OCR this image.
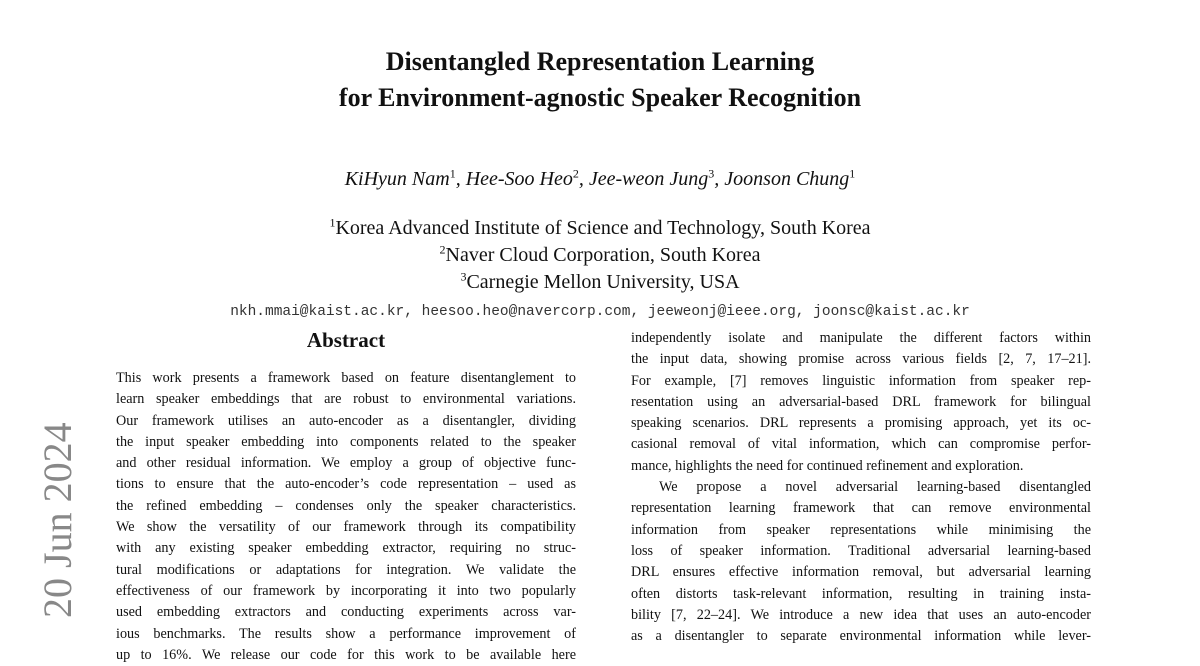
Disentangled Representation Learning
for Environment-agnostic Speaker Recognition
KiHyun Nam$^1$, Hee-Soo Heo$^2$, Jee-weon Jung$^3$, Joonson Chung$^1$
$^1$Korea Advanced Institute of Science and Technology, South Korea
$^2$Naver Cloud Corporation, South Korea
$^3$Carnegie Mellon University, USA
nkh.mmai@kaist.ac.kr, heesoo.heo@navercorp.com, jeeweonj@ieee.org, joonsc@kaist.ac.kr
Abstract
This work presents a framework based on feature disentanglement to
learn speaker embeddings that are robust to environmental variations.
Our framework utilises an auto-encoder as a disentangler, dividing
the input speaker embedding into components related to the speaker
and other residual information. We employ a group of objective func-
tions to ensure that the auto-encoder’s code representation – used as
the refined embedding – condenses only the speaker characteristics.
We show the versatility of our framework through its compatibility
with any existing speaker embedding extractor, requiring no struc-
tural modifications or adaptations for integration. We validate the
effectiveness of our framework by incorporating it into two popularly
used embedding extractors and conducting experiments across var-
ious benchmarks. The results show a performance improvement of
up to 16%. We release our code for this work to be available here
independently isolate and manipulate the different factors within
the input data, showing promise across various fields [2, 7, 17–21].
For example, [7] removes linguistic information from speaker rep-
resentation using an adversarial-based DRL framework for bilingual
speaking scenarios. DRL represents a promising approach, yet its oc-
casional removal of vital information, which can compromise perfor-
mance, highlights the need for continued refinement and exploration.
We propose a novel adversarial learning-based disentangled
representation learning framework that can remove environmental
information from speaker representations while minimising the
loss of speaker information. Traditional adversarial learning-based
DRL ensures effective information removal, but adversarial learning
often distorts task-relevant information, resulting in training insta-
bility [7, 22–24]. We introduce a new idea that uses an auto-encoder
as a disentangler to separate environmental information while lever-
20 Jun 2024
